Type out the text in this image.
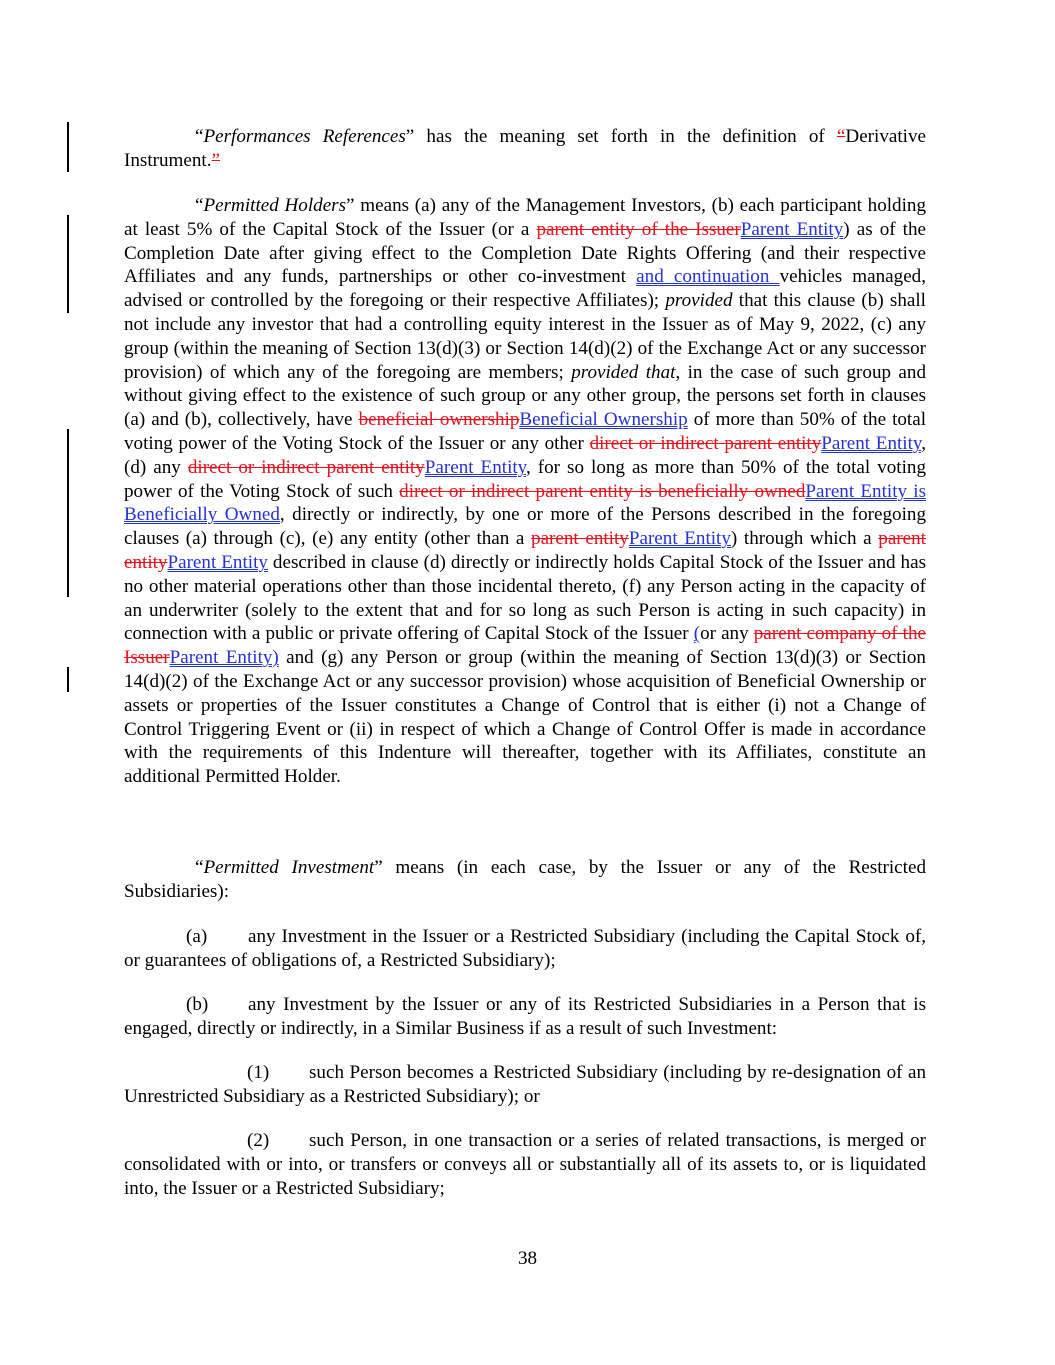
“Performances References” has the meaning set forth in the definition of “Derivative Instrument.”

“Permitted Holders” means (a) any of the Management Investors, (b) each participant holding at least 5% of the Capital Stock of the Issuer (or a parent entity of the IssuerParent Entity) as of the Completion Date after giving effect to the Completion Date Rights Offering (and their respective Affiliates and any funds, partnerships or other co-investment and continuation vehicles managed, advised or controlled by the foregoing or their respective Affiliates); provided that this clause (b) shall not include any investor that had a controlling equity interest in the Issuer as of May 9, 2022, (c) any group (within the meaning of Section 13(d)(3) or Section 14(d)(2) of the Exchange Act or any successor provision) of which any of the foregoing are members; provided that, in the case of such group and without giving effect to the existence of such group or any other group, the persons set forth in clauses (a) and (b), collectively, have beneficial ownershipBeneficial Ownership of more than 50% of the total voting power of the Voting Stock of the Issuer or any other direct or indirect parent entityParent Entity, (d) any direct or indirect parent entityParent Entity, for so long as more than 50% of the total voting power of the Voting Stock of such direct or indirect parent entity is beneficially ownedParent Entity is Beneficially Owned, directly or indirectly, by one or more of the Persons described in the foregoing clauses (a) through (c), (e) any entity (other than a parent entityParent Entity) through which a parent entityParent Entity described in clause (d) directly or indirectly holds Capital Stock of the Issuer and has no other material operations other than those incidental thereto, (f) any Person acting in the capacity of an underwriter (solely to the extent that and for so long as such Person is acting in such capacity) in connection with a public or private offering of Capital Stock of the Issuer (or any parent company of the IssuerParent Entity) and (g) any Person or group (within the meaning of Section 13(d)(3) or Section 14(d)(2) of the Exchange Act or any successor provision) whose acquisition of Beneficial Ownership or assets or properties of the Issuer constitutes a Change of Control that is either (i) not a Change of Control Triggering Event or (ii) in respect of which a Change of Control Offer is made in accordance with the requirements of this Indenture will thereafter, together with its Affiliates, constitute an additional Permitted Holder.

“Permitted Investment” means (in each case, by the Issuer or any of the Restricted Subsidiaries):

(a) any Investment in the Issuer or a Restricted Subsidiary (including the Capital Stock of, or guarantees of obligations of, a Restricted Subsidiary);

(b) any Investment by the Issuer or any of its Restricted Subsidiaries in a Person that is engaged, directly or indirectly, in a Similar Business if as a result of such Investment:

(1) such Person becomes a Restricted Subsidiary (including by re-designation of an Unrestricted Subsidiary as a Restricted Subsidiary); or

(2) such Person, in one transaction or a series of related transactions, is merged or consolidated with or into, or transfers or conveys all or substantially all of its assets to, or is liquidated into, the Issuer or a Restricted Subsidiary;

38
